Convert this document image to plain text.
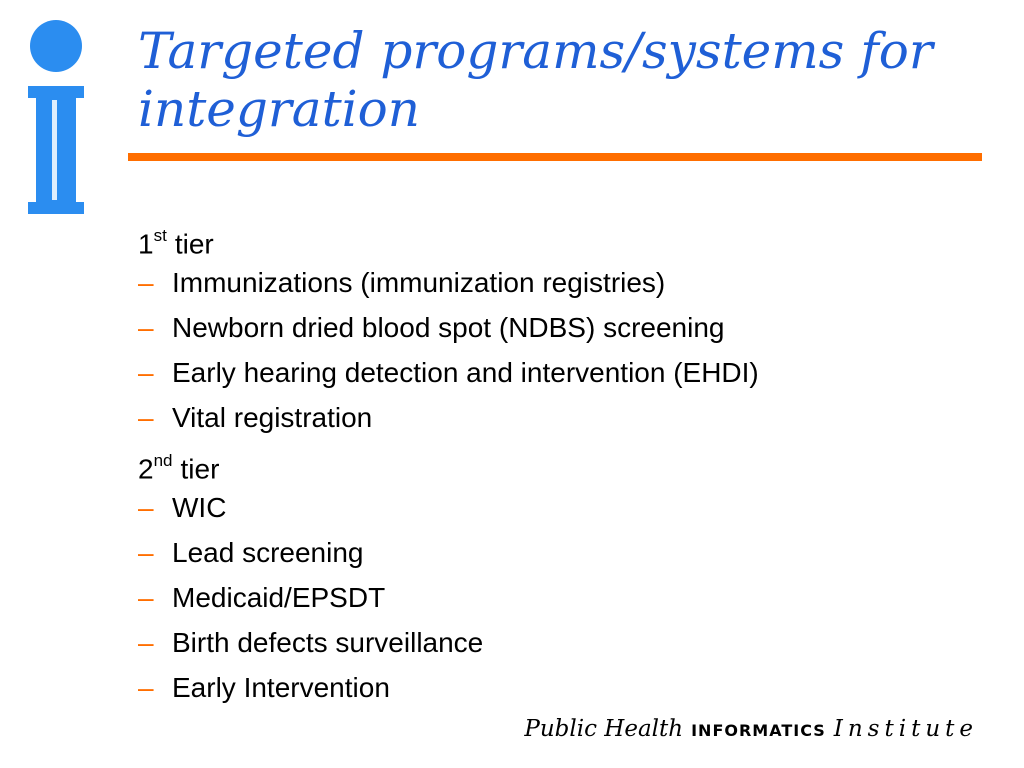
Targeted programs/systems for integration
1st tier
– Immunizations (immunization registries)
– Newborn dried blood spot (NDBS) screening
– Early hearing detection and intervention (EHDI)
– Vital registration
2nd tier
– WIC
– Lead screening
– Medicaid/EPSDT
– Birth defects surveillance
– Early Intervention
Public Health INFORMATICS Institute
